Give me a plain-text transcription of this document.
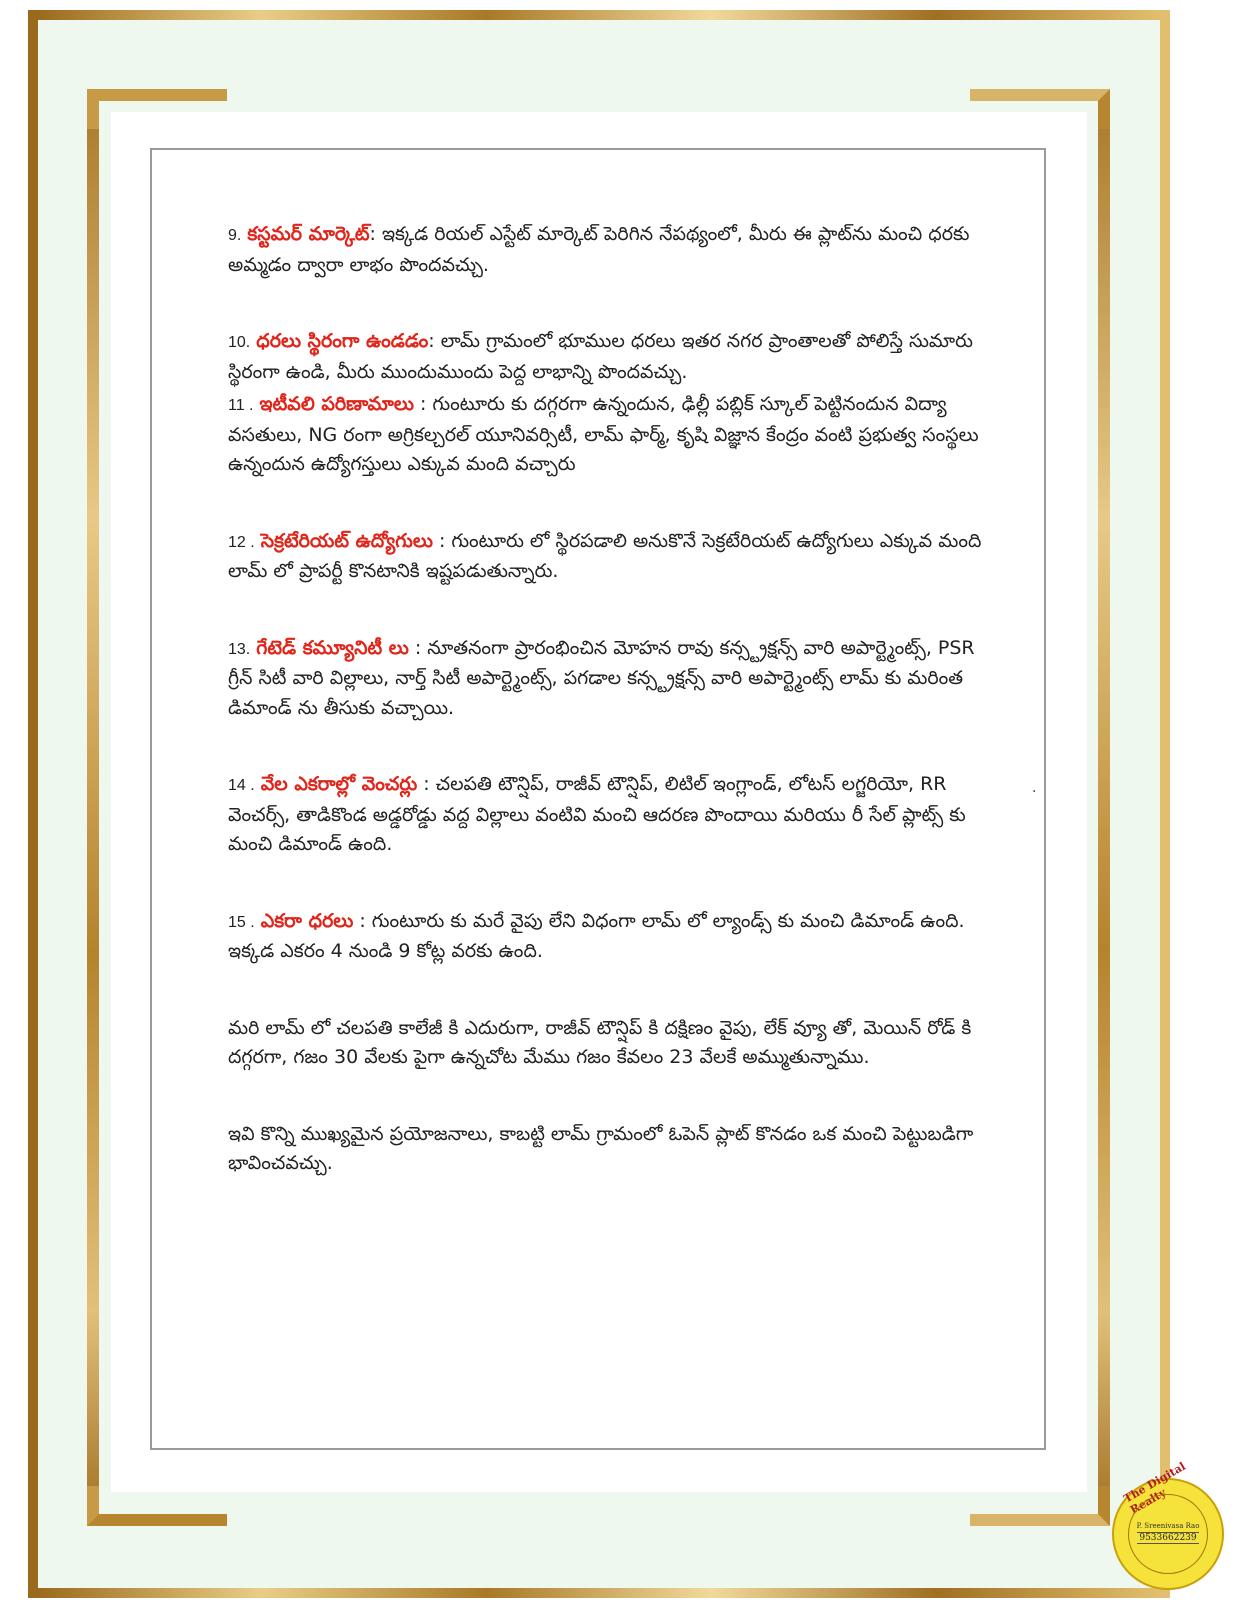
9. కస్టమర్ మార్కెట్: ఇక్కడ రియల్ ఎస్టేట్ మార్కెట్ పెరిగిన నేపథ్యంలో, మీరు ఈ ప్లాట్‌ను మంచి ధరకు అమ్మడం ద్వారా లాభం పొందవచ్చు.

10. ధరలు స్థిరంగా ఉండడం: లామ్ గ్రామంలో భూముల ధరలు ఇతర నగర ప్రాంతాలతో పోలిస్తే సుమారు స్థిరంగా ఉండి, మీరు ముందుముందు పెద్ద లాభాన్ని పొందవచ్చు.

11 . ఇటీవలి పరిణామాలు : గుంటూరు కు దగ్గరగా ఉన్నందున, ఢిల్లీ పబ్లిక్ స్కూల్ పెట్టినందున విద్యా వసతులు, NG రంగా అగ్రికల్చరల్ యూనివర్సిటీ, లామ్ ఫార్మ్, కృషి విజ్ఞాన కేంద్రం వంటి ప్రభుత్వ సంస్థలు ఉన్నందున ఉద్యోగస్తులు ఎక్కువ మంది వచ్చారు

12 . సెక్రటేరియట్ ఉద్యోగులు : గుంటూరు లో స్థిరపడాలి అనుకొనే సెక్రటేరియట్ ఉద్యోగులు ఎక్కువ మంది లామ్ లో ప్రాపర్టీ కొనటానికి ఇష్టపడుతున్నారు.

13. గేటెడ్ కమ్యూనిటీ లు : నూతనంగా ప్రారంభించిన మోహన రావు కన్స్ట్రక్షన్స్ వారి అపార్ట్మెంట్స్, PSR గ్రీన్ సిటీ వారి విల్లాలు, నార్త్ సిటీ అపార్ట్మెంట్స్, పగడాల కన్స్ట్రక్షన్స్ వారి అపార్ట్మెంట్స్ లామ్ కు మరింత డిమాండ్ ను తీసుకు వచ్చాయి.

14 . వేల ఎకరాల్లో వెంచర్లు : చలపతి టౌన్షిప్, రాజీవ్ టౌన్షిప్, లిటిల్ ఇంగ్లాండ్, లోటస్ లగ్జరియో, RR వెంచర్స్, తాడికొండ అడ్డరోడ్డు వద్ద విల్లాలు వంటివి మంచి ఆదరణ పొందాయి మరియు రీ సేల్ ప్లాట్స్ కు మంచి డిమాండ్ ఉంది.

15 . ఎకరా ధరలు : గుంటూరు కు మరే వైపు లేని విధంగా లామ్ లో ల్యాండ్స్ కు మంచి డిమాండ్ ఉంది. ఇక్కడ ఎకరం 4 నుండి 9 కోట్ల వరకు ఉంది.

మరి లామ్ లో చలపతి కాలేజీ కి ఎదురుగా, రాజీవ్ టౌన్షిప్ కి దక్షిణం వైపు, లేక్ వ్యూ తో, మెయిన్ రోడ్ కి దగ్గరగా, గజం 30 వేలకు పైగా ఉన్నచోట మేము గజం కేవలం 23 వేలకే అమ్ముతున్నాము.

ఇవి కొన్ని ముఖ్యమైన ప్రయోజనాలు, కాబట్టి లామ్ గ్రామంలో ఓపెన్ ప్లాట్ కొనడం ఒక మంచి పెట్టుబడిగా భావించవచ్చు.

.
The Digital Realty
P. Sreenivasa Rao
9533662239
